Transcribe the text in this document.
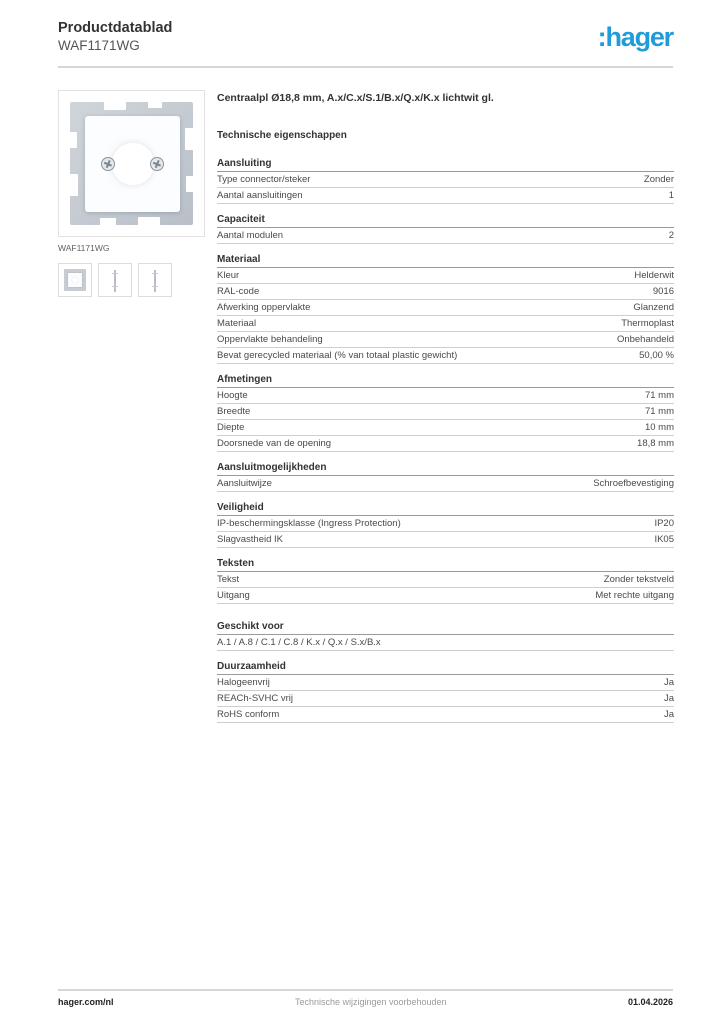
Productdatablad
WAF1171WG	:hager
WAF1171WG
Centraalpl Ø18,8 mm, A.x/C.x/S.1/B.x/Q.x/K.x lichtwit gl.
Technische eigenschappen
Aansluiting
Type connector/steker	Zonder
Aantal aansluitingen	1
Capaciteit
Aantal modulen	2
Materiaal
Kleur	Helderwit
RAL-code	9016
Afwerking oppervlakte	Glanzend
Materiaal	Thermoplast
Oppervlakte behandeling	Onbehandeld
Bevat gerecycled materiaal (% van totaal plastic gewicht)	50,00 %
Afmetingen
Hoogte	71 mm
Breedte	71 mm
Diepte	10 mm
Doorsnede van de opening	18,8 mm
Aansluitmogelijkheden
Aansluitwijze	Schroefbevestiging
Veiligheid
IP-beschermingsklasse (Ingress Protection)	IP20
Slagvastheid IK	IK05
Teksten
Tekst	Zonder tekstveld
Uitgang	Met rechte uitgang
Geschikt voor
A.1 / A.8 / C.1 / C.8 / K.x / Q.x / S.x/B.x
Duurzaamheid
Halogeenvrij	Ja
REACh-SVHC vrij	Ja
RoHS conform	Ja
hager.com/nl	Technische wijzigingen voorbehouden	01.04.2026
